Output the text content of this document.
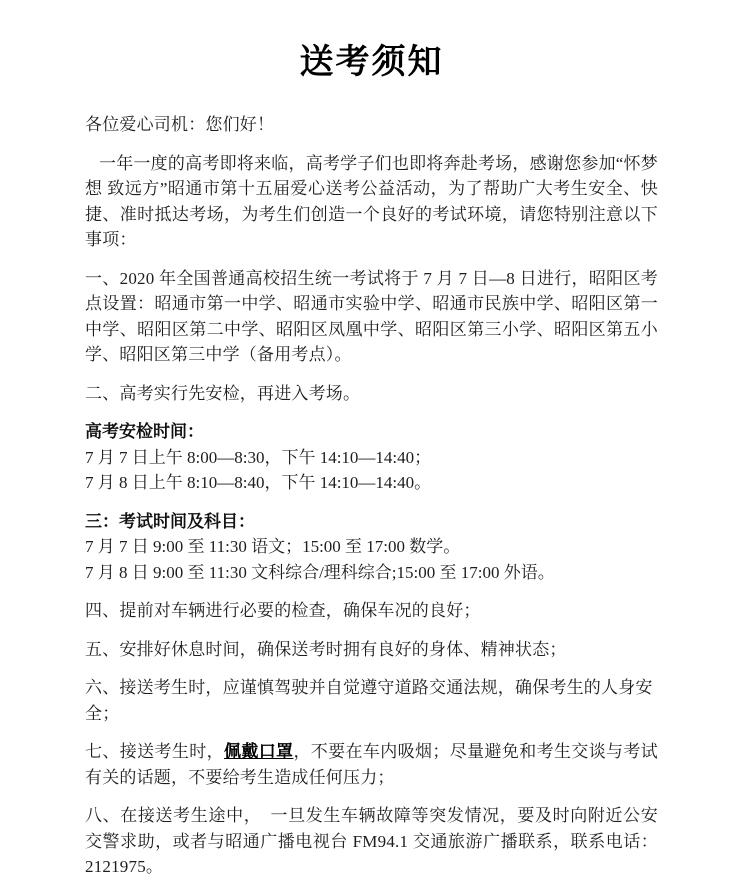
送考须知

各位爱心司机：您们好！

一年一度的高考即将来临，高考学子们也即将奔赴考场，感谢您参加“怀梦想 致远方”昭通市第十五届爱心送考公益活动，为了帮助广大考生安全、快捷、准时抵达考场，为考生们创造一个良好的考试环境，请您特别注意以下事项：

一、2020 年全国普通高校招生统一考试将于 7 月 7 日—8 日进行，昭阳区考点设置：昭通市第一中学、昭通市实验中学、昭通市民族中学、昭阳区第一中学、昭阳区第二中学、昭阳区凤凰中学、昭阳区第三小学、昭阳区第五小学、昭阳区第三中学（备用考点）。

二、高考实行先安检，再进入考场。

高考安检时间：
7 月 7 日上午 8:00—8:30，下午 14:10—14:40；
7 月 8 日上午 8:10—8:40，下午 14:10—14:40。
三：考试时间及科目：
7 月 7 日 9:00 至 11:30 语文；15:00 至 17:00 数学。
7 月 8 日 9:00 至 11:30 文科综合/理科综合;15:00 至 17:00 外语。

四、提前对车辆进行必要的检查，确保车况的良好；

五、安排好休息时间，确保送考时拥有良好的身体、精神状态；

六、接送考生时，应谨慎驾驶并自觉遵守道路交通法规，确保考生的人身安全；

七、接送考生时，佩戴口罩，不要在车内吸烟；尽量避免和考生交谈与考试有关的话题，不要给考生造成任何压力；

八、在接送考生途中，　一旦发生车辆故障等突发情况，要及时向附近公安交警求助，或者与昭通广播电视台 FM94.1 交通旅游广播联系，联系电话：2121975。
